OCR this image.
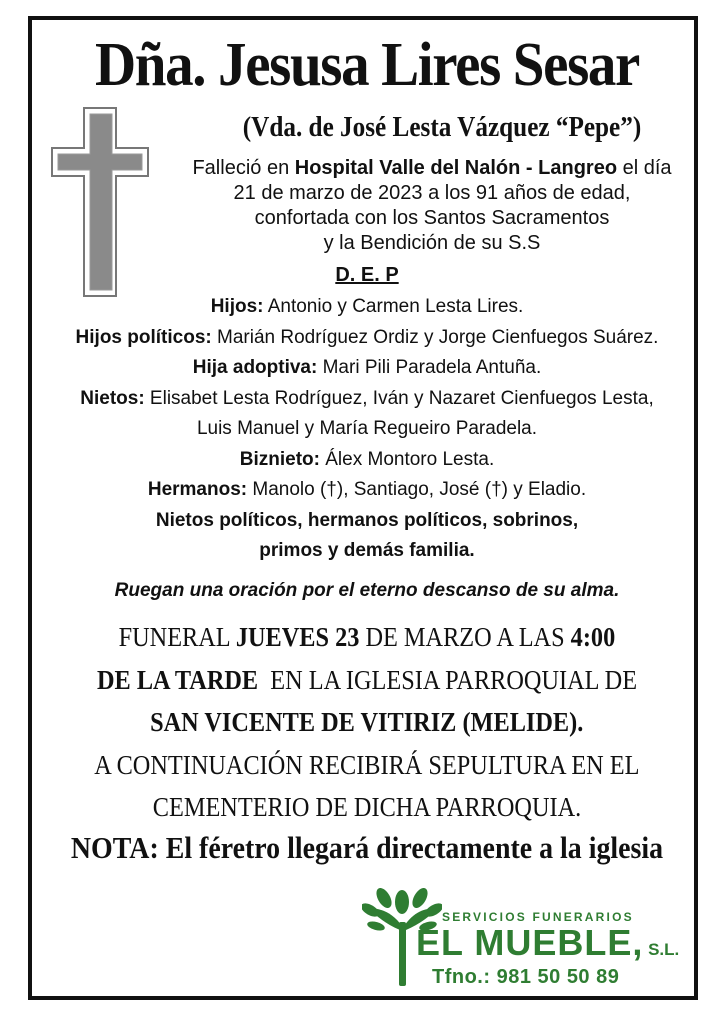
Dña. Jesusa Lires Sesar
(Vda. de José Lesta Vázquez “Pepe”)
Falleció en Hospital Valle del Nalón - Langreo el día
21 de marzo de 2023 a los 91 años de edad,
confortada con los Santos Sacramentos
y la Bendición de su S.S
D. E. P
Hijos: Antonio y Carmen Lesta Lires.
Hijos políticos: Marián Rodríguez Ordiz y Jorge Cienfuegos Suárez.
Hija adoptiva: Mari Pili Paradela Antuña.
Nietos: Elisabet Lesta Rodríguez, Iván y Nazaret Cienfuegos Lesta,
Luis Manuel y María Regueiro Paradela.
Biznieto: Álex Montoro Lesta.
Hermanos: Manolo (†), Santiago, José (†) y Eladio.
Nietos políticos, hermanos políticos, sobrinos,
primos y demás familia.
Ruegan una oración por el eterno descanso de su alma.
FUNERAL JUEVES 23 DE MARZO A LAS 4:00
DE LA TARDE  EN LA IGLESIA PARROQUIAL DE
SAN VICENTE DE VITIRIZ (MELIDE).
A CONTINUACIÓN RECIBIRÁ SEPULTURA EN EL
CEMENTERIO DE DICHA PARROQUIA.
NOTA: El féretro llegará directamente a la iglesia
SERVICIOS FUNERARIOS
EL MUEBLE, S.L.
Tfno.: 981 50 50 89
